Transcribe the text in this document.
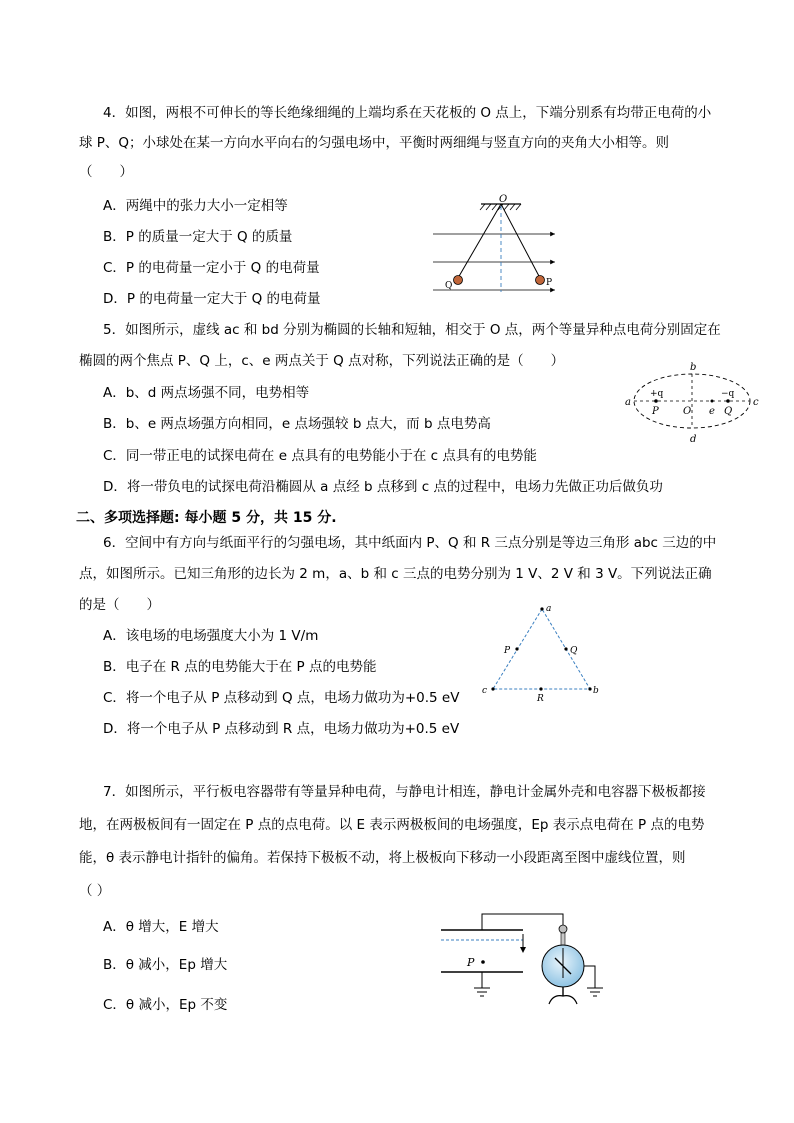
4．如图，两根不可伸长的等长绝缘细绳的上端均系在天花板的 O 点上，下端分别系有均带正电荷的小
球 P、Q；小球处在某一方向水平向右的匀强电场中，平衡时两细绳与竖直方向的夹角大小相等。则
（　　）
A．两绳中的张力大小一定相等
B．P 的质量一定大于 Q 的质量
C．P 的电荷量一定小于 Q 的电荷量
D．P 的电荷量一定大于 Q 的电荷量
O
Q	P
5．如图所示，虚线 ac 和 bd 分别为椭圆的长轴和短轴，相交于 O 点，两个等量异种点电荷分别固定在
椭圆的两个焦点 P、Q 上，c、e 两点关于 Q 点对称，下列说法正确的是（　　）
A．b、d 两点场强不同，电势相等
B．b、e 两点场强方向相同，e 点场强较 b 点大，而 b 点电势高
C．同一带正电的试探电荷在 e 点具有的电势能小于在 c 点具有的电势能
D．将一带负电的试探电荷沿椭圆从 a 点经 b 点移到 c 点的过程中，电场力先做正功后做负功
b
d
a	c
+q	−q
P O e Q
二、多项选择题: 每小题 5 分，共 15 分.
6．空间中有方向与纸面平行的匀强电场，其中纸面内 P、Q 和 R 三点分别是等边三角形 abc 三边的中
点，如图所示。已知三角形的边长为 2 m，a、b 和 c 三点的电势分别为 1 V、2 V 和 3 V。下列说法正确
的是（　　）
A．该电场的电场强度大小为 1 V/m
B．电子在 R 点的电势能大于在 P 点的电势能
C．将一个电子从 P 点移动到 Q 点，电场力做功为+0.5 eV
D．将一个电子从 P 点移动到 R 点，电场力做功为+0.5 eV
a
c	b
P	Q
R
7．如图所示，平行板电容器带有等量异种电荷，与静电计相连，静电计金属外壳和电容器下极板都接
地，在两极板间有一固定在 P 点的点电荷。以 E 表示两极板间的电场强度，Ep 表示点电荷在 P 点的电势
能，θ 表示静电计指针的偏角。若保持下极板不动，将上极板向下移动一小段距离至图中虚线位置，则
（ ）
A．θ 增大，E 增大
B．θ 减小，Ep 增大
C．θ 减小，Ep 不变
P
